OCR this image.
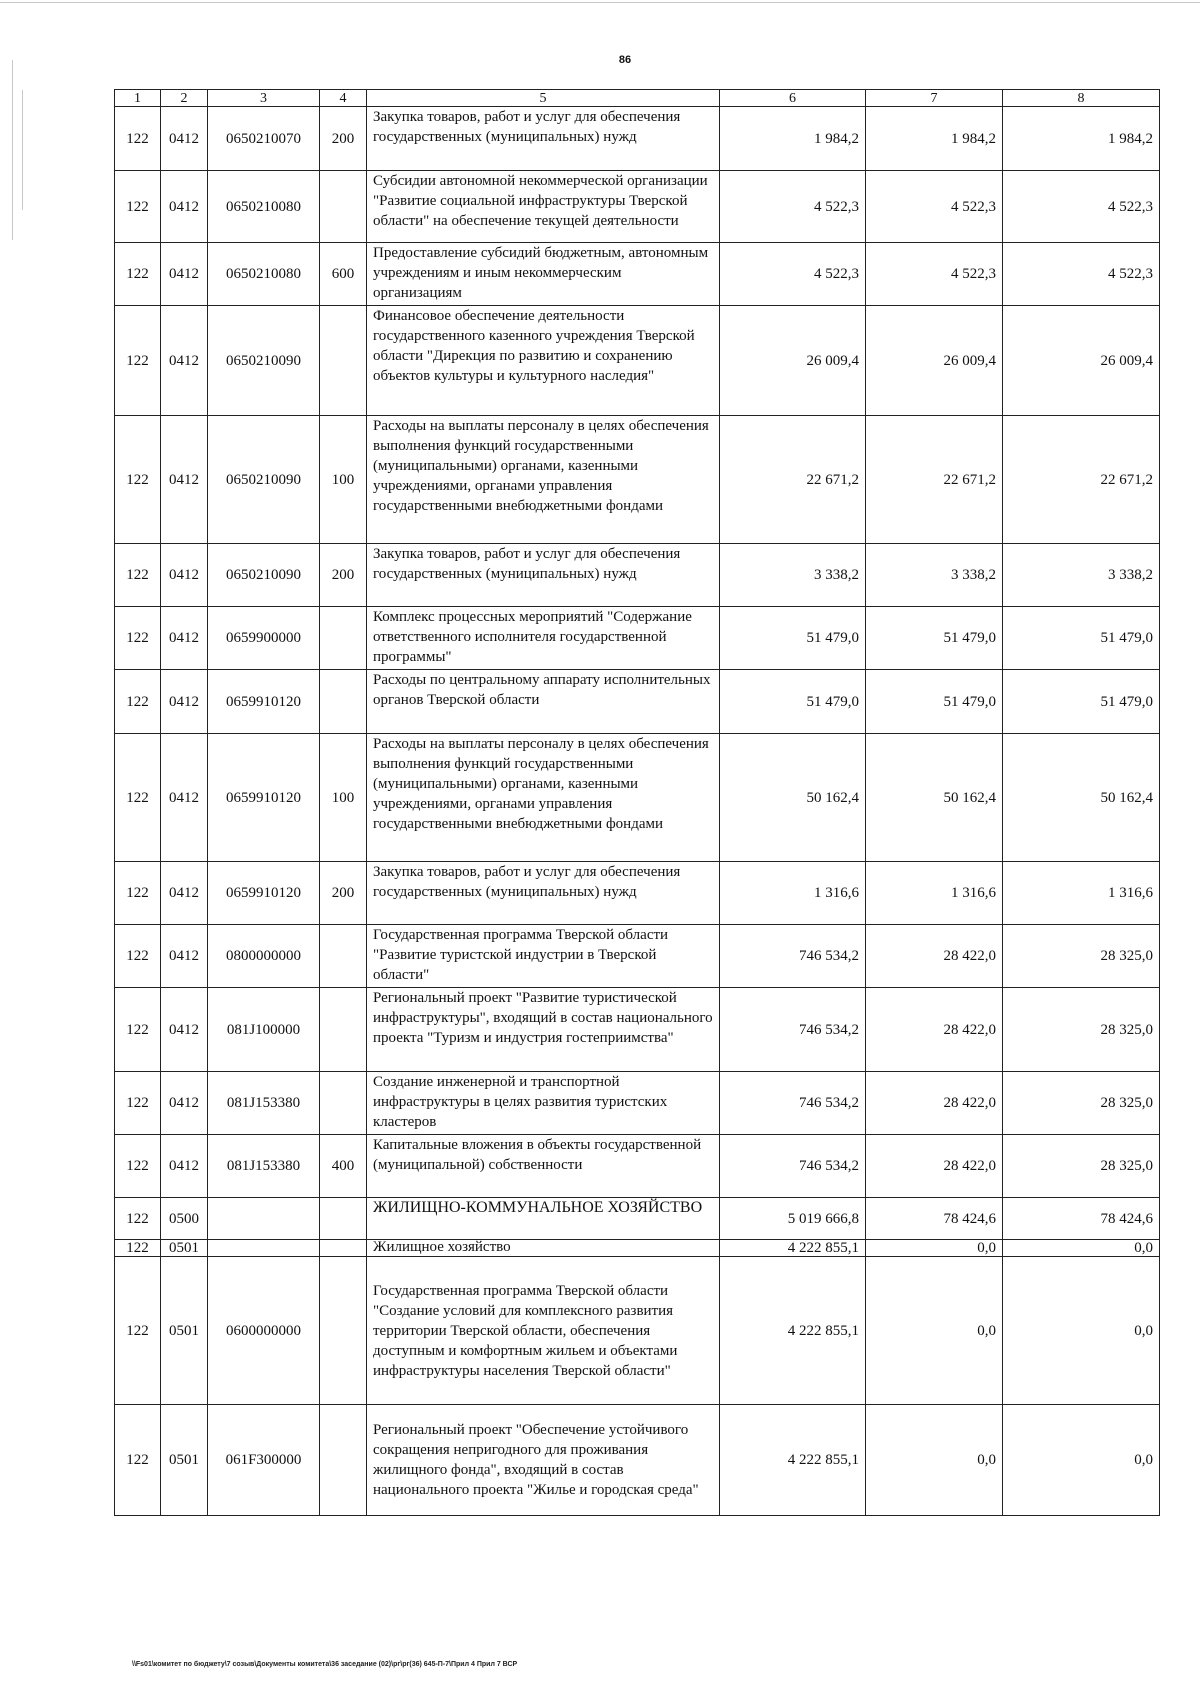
86
1	2	3	4	5	6	7	8
122	0412	0650210070	200	Закупка товаров, работ и услуг для обеспечения государственных (муниципальных) нужд	1 984,2	1 984,2	1 984,2
122	0412	0650210080		Субсидии автономной некоммерческой организации "Развитие социальной инфраструктуры Тверской области" на обеспечение текущей деятельности	4 522,3	4 522,3	4 522,3
122	0412	0650210080	600	Предоставление субсидий бюджетным, автономным учреждениям и иным некоммерческим организациям	4 522,3	4 522,3	4 522,3
122	0412	0650210090		Финансовое обеспечение деятельности государственного казенного учреждения Тверской области "Дирекция по развитию и сохранению объектов культуры и культурного наследия"	26 009,4	26 009,4	26 009,4
122	0412	0650210090	100	Расходы на выплаты персоналу в целях обеспечения выполнения функций государственными (муниципальными) органами, казенными учреждениями, органами управления государственными внебюджетными фондами	22 671,2	22 671,2	22 671,2
122	0412	0650210090	200	Закупка товаров, работ и услуг для обеспечения государственных (муниципальных) нужд	3 338,2	3 338,2	3 338,2
122	0412	0659900000		Комплекс процессных мероприятий "Содержание ответственного исполнителя государственной программы"	51 479,0	51 479,0	51 479,0
122	0412	0659910120		Расходы по центральному аппарату исполнительных органов Тверской области	51 479,0	51 479,0	51 479,0
122	0412	0659910120	100	Расходы на выплаты персоналу в целях обеспечения выполнения функций государственными (муниципальными) органами, казенными учреждениями, органами управления государственными внебюджетными фондами	50 162,4	50 162,4	50 162,4
122	0412	0659910120	200	Закупка товаров, работ и услуг для обеспечения государственных (муниципальных) нужд	1 316,6	1 316,6	1 316,6
122	0412	0800000000		Государственная программа Тверской области "Развитие туристской индустрии в Тверской области"	746 534,2	28 422,0	28 325,0
122	0412	081J100000		Региональный проект "Развитие туристической инфраструктуры", входящий в состав национального проекта "Туризм и индустрия гостеприимства"	746 534,2	28 422,0	28 325,0
122	0412	081J153380		Создание инженерной и транспортной инфраструктуры в целях развития туристских кластеров	746 534,2	28 422,0	28 325,0
122	0412	081J153380	400	Капитальные вложения в объекты государственной (муниципальной) собственности	746 534,2	28 422,0	28 325,0
122	0500			ЖИЛИЩНО-КОММУНАЛЬНОЕ ХОЗЯЙСТВО	5 019 666,8	78 424,6	78 424,6
122	0501			Жилищное хозяйство	4 222 855,1	0,0	0,0
122	0501	0600000000		Государственная программа Тверской области "Создание условий для комплексного развития территории Тверской области, обеспечения доступным и комфортным жильем и объектами инфраструктуры населения Тверской области"	4 222 855,1	0,0	0,0
122	0501	061F300000		Региональный проект "Обеспечение устойчивого сокращения непригодного для проживания жилищного фонда", входящий в состав национального проекта "Жилье и городская среда"	4 222 855,1	0,0	0,0
\\Fs01\комитет по бюджету\7 созыв\Документы комитета\36 заседание (02)\рг\рг(36) 645-П-7\Прил 4 Прил 7 ВСР
